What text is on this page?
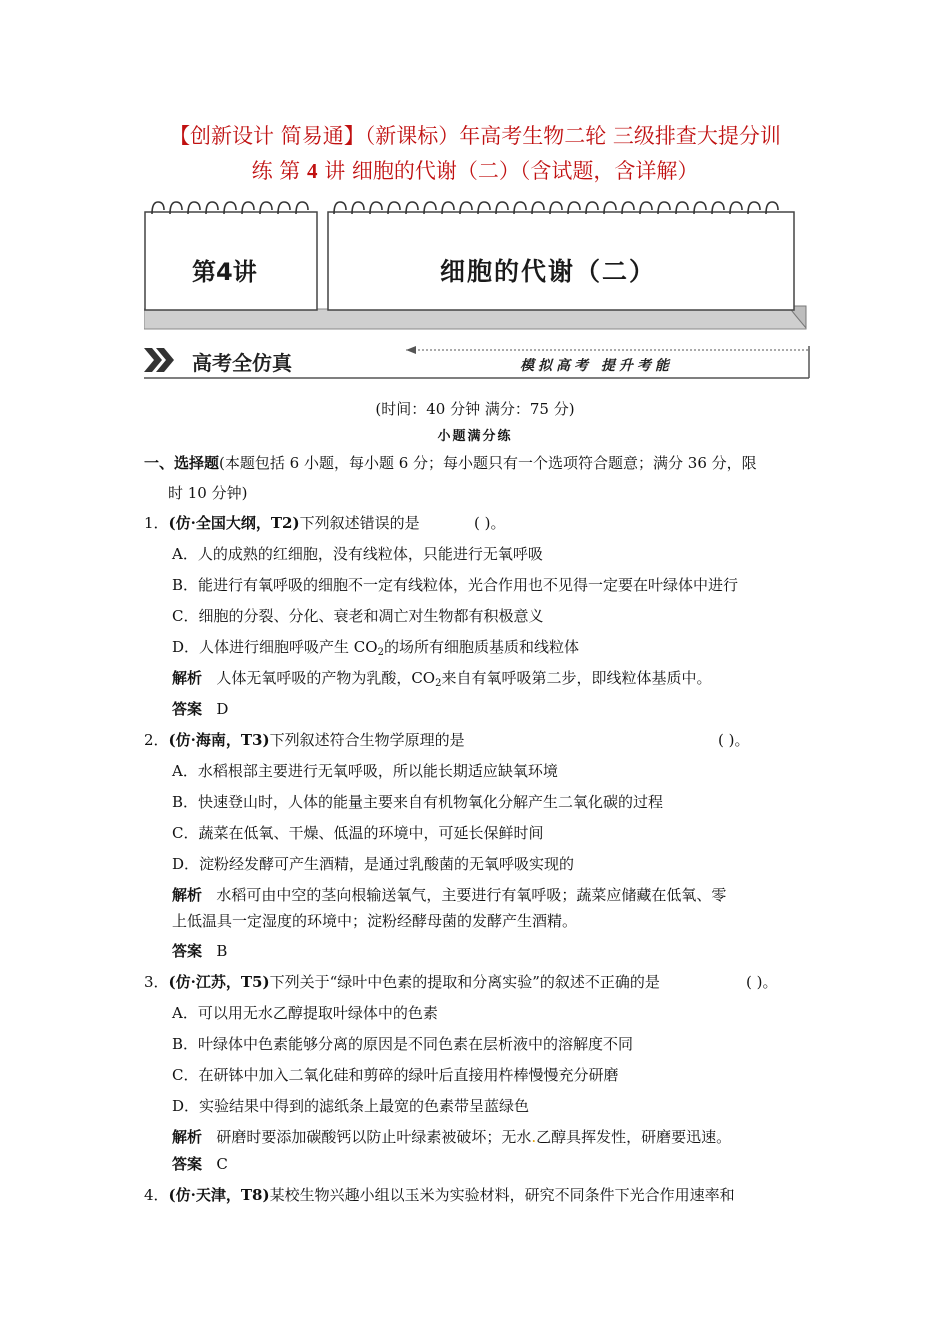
【创新设计 简易通】（新课标）年高考生物二轮 三级排查大提分训
练 第 4 讲 细胞的代谢（二）（含试题，含详解）
第4讲	细胞的代谢（二）
高考全仿真	模拟高考 提升考能
(时间：40 分钟 满分：75 分)
小题满分练
一、选择题(本题包括 6 小题，每小题 6 分；每小题只有一个选项符合题意；满分 36 分，限
时 10 分钟)
1．(仿·全国大纲，T2)下列叙述错误的是	( )。
A．人的成熟的红细胞，没有线粒体，只能进行无氧呼吸
B．能进行有氧呼吸的细胞不一定有线粒体，光合作用也不见得一定要在叶绿体中进行
C．细胞的分裂、分化、衰老和凋亡对生物都有积极意义
D．人体进行细胞呼吸产生 $CO_2$的场所有细胞质基质和线粒体
解析 人体无氧呼吸的产物为乳酸，$CO_2$来自有氧呼吸第二步，即线粒体基质中。
答案 D
2．(仿·海南，T3)下列叙述符合生物学原理的是	( )。
A．水稻根部主要进行无氧呼吸，所以能长期适应缺氧环境
B．快速登山时，人体的能量主要来自有机物氧化分解产生二氧化碳的过程
C．蔬菜在低氧、干燥、低温的环境中，可延长保鲜时间
D．淀粉经发酵可产生酒精，是通过乳酸菌的无氧呼吸实现的
解析 水稻可由中空的茎向根输送氧气，主要进行有氧呼吸；蔬菜应储藏在低氧、零
上低温具一定湿度的环境中；淀粉经酵母菌的发酵产生酒精。
答案 B
3．(仿·江苏，T5)下列关于“绿叶中色素的提取和分离实验”的叙述不正确的是	( )。
A．可以用无水乙醇提取叶绿体中的色素
B．叶绿体中色素能够分离的原因是不同色素在层析液中的溶解度不同
C．在研钵中加入二氧化硅和剪碎的绿叶后直接用杵棒慢慢充分研磨
D．实验结果中得到的滤纸条上最宽的色素带呈蓝绿色
解析 研磨时要添加碳酸钙以防止叶绿素被破坏；无水.乙醇具挥发性，研磨要迅速。
答案 C
4．(仿·天津，T8)某校生物兴趣小组以玉米为实验材料，研究不同条件下光合作用速率和
